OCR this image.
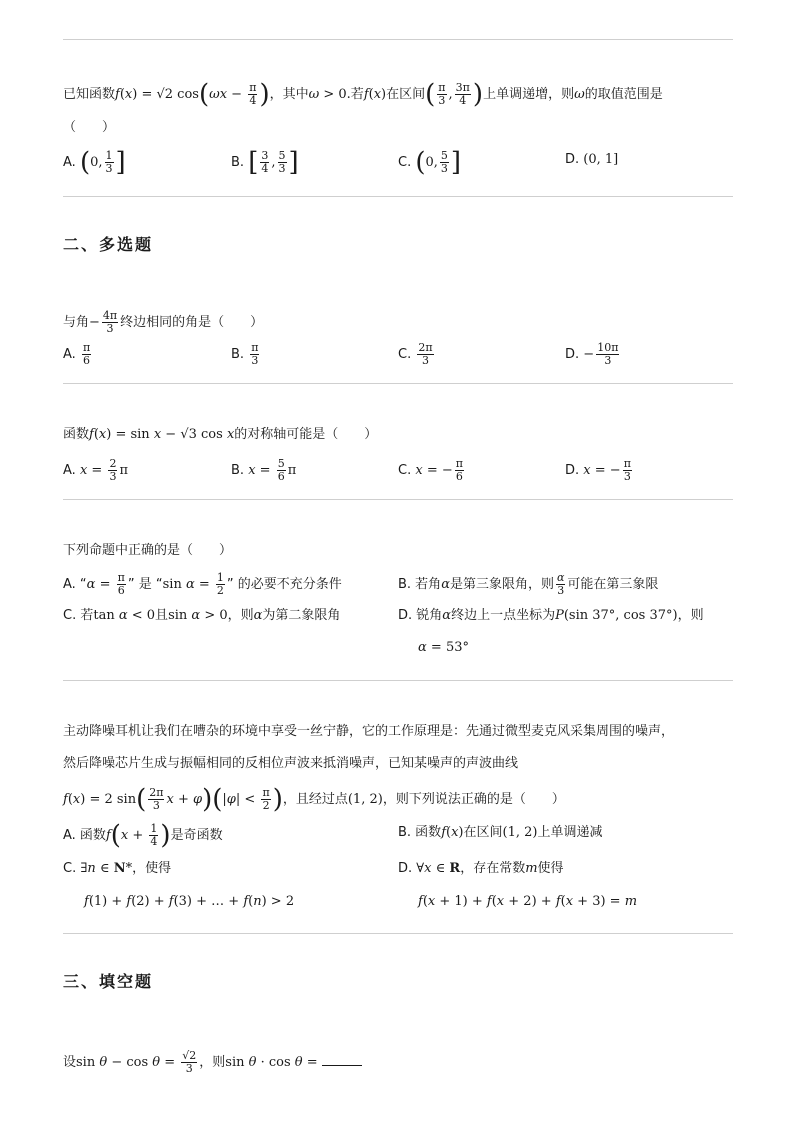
已知函数f(x) = √2 $\cos(\omega x - \frac{\pi}{4}$ )，其中ω > 0.若f(x)在区间( $\frac{\pi}{3}$ , $\frac{3\pi}{4}$ )上单调递增，则ω的取值范围是
（　　）
A. (0, $\frac{1}{3}$ ]	B. [ $\frac{3}{4}$ , $\frac{5}{3}$ ]	C. (0, $\frac{5}{3}$ ]	D. (0, 1]
二、多选题
与角− $\frac{4\pi}{3}$ 终边相同的角是（　　）
A. $\frac{\pi}{6}$	B. $\frac{\pi}{3}$	C. $\frac{2\pi}{3}$	D. − $\frac{10\pi}{3}$
函数f(x) = sin x − √3 cos x的对称轴可能是（　　）
A. $x = \frac{2}{3}$ π	B. $x = \frac{5}{6}$ π	C. x = − $\frac{\pi}{6}$	D. x = − $\frac{\pi}{3}$
下列命题中正确的是（　　）
A. “$\alpha = \frac{\pi}{6}$ ” 是 “sin $\alpha = \frac{1}{2}$ ” 的必要不充分条件	B. 若角α是第三象限角，则 $\frac{\alpha}{3}$ 可能在第三象限
C. 若tan α < 0且sin α > 0，则α为第二象限角	D. 锐角α终边上一点坐标为P(sin 37°, cos 37°)，则
α = 53°
主动降噪耳机让我们在嘈杂的环境中享受一丝宁静，它的工作原理是：先通过微型麦克风采集周围的噪声，
然后降噪芯片生成与振幅相同的反相位声波来抵消噪声，已知某噪声的声波曲线
f(x) = 2 $\sin( \frac{2\pi}{3}$ $x + \varphi)(|\varphi| < \frac{\pi}{2}$ )，且经过点(1, 2)，则下列说法正确的是（　　）
A. 函数$f(x + \frac{1}{4}$ )是奇函数	B. 函数f(x)在区间(1, 2)上单调递减
C. ∃n ∈ N*，使得
f(1) + f(2) + f(3) + … + f(n) > 2
D. ∀x ∈ R，存在常数m使得
f(x + 1) + f(x + 2) + f(x + 3) = m
三、填空题
设$\sin \theta - \cos \theta = \frac{√2}{3}$ ，则sin θ · cos θ =
